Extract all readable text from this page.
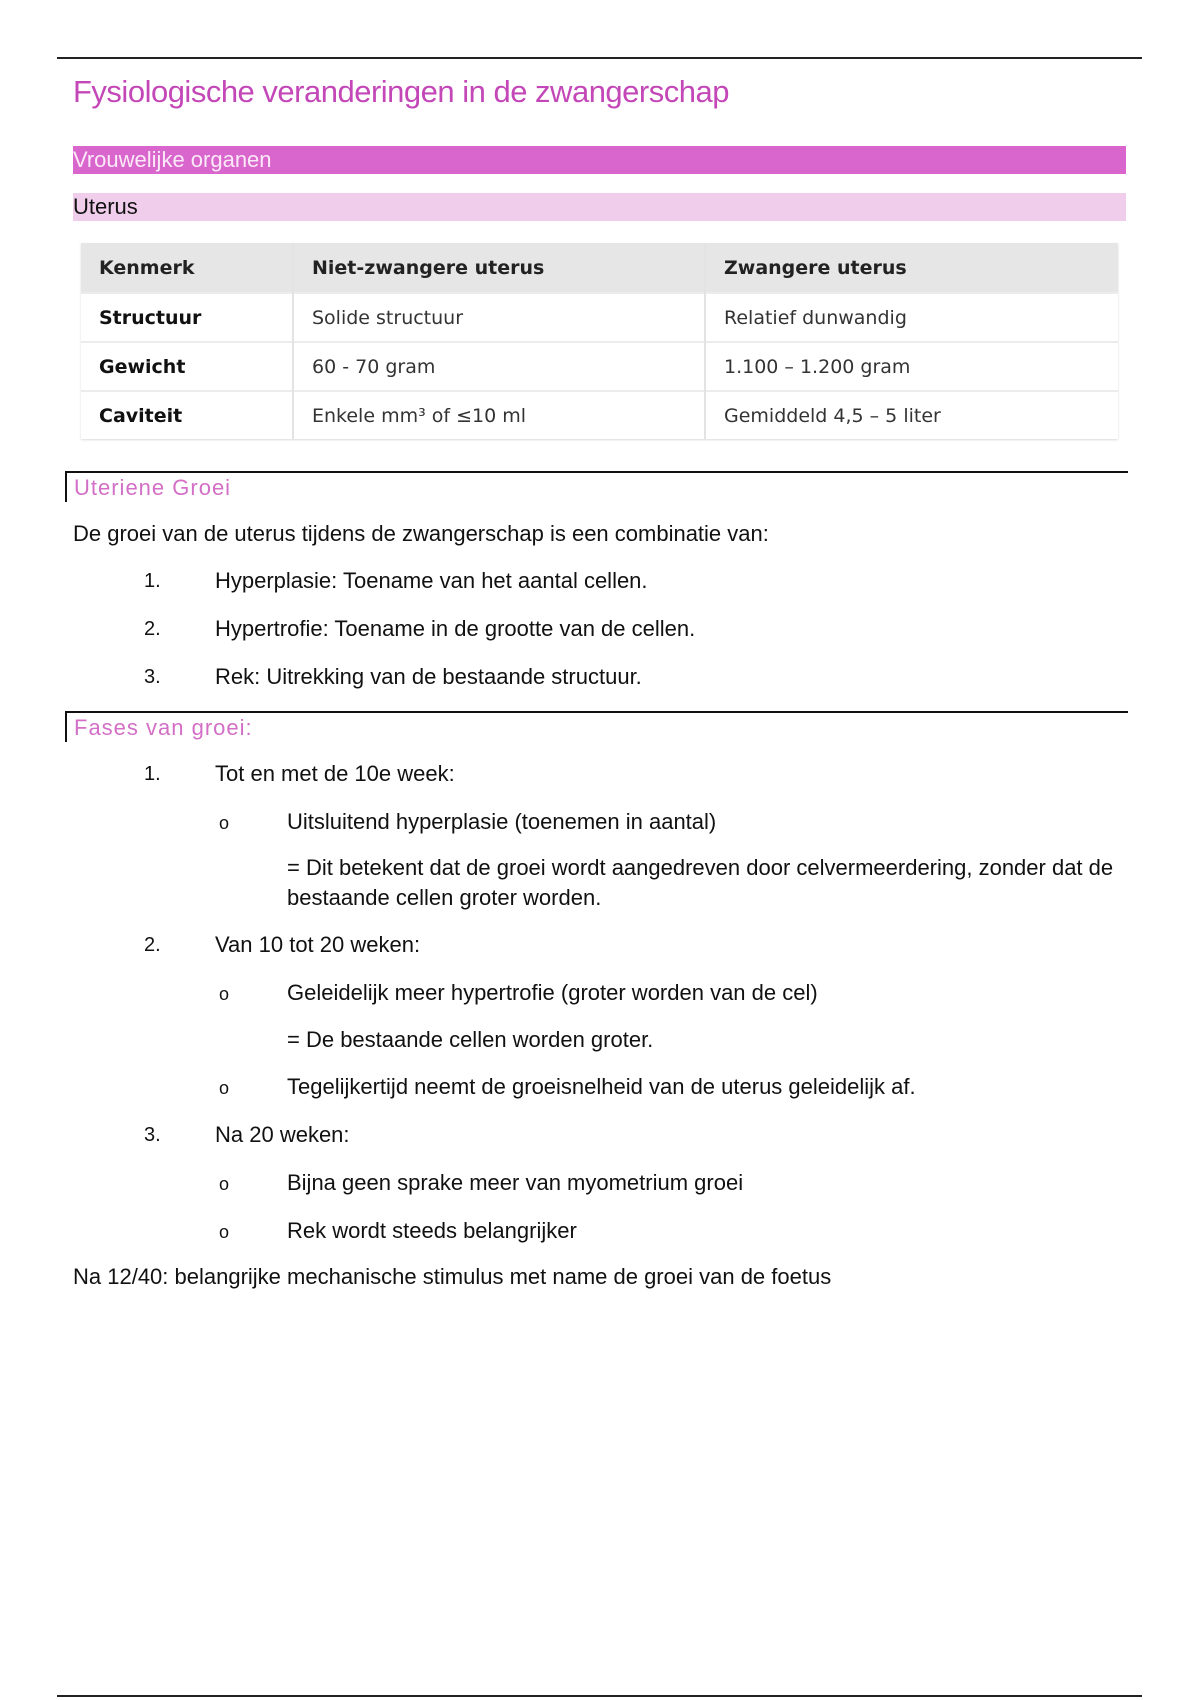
Fysiologische veranderingen in de zwangerschap
Vrouwelijke organen
Uterus
Kenmerk	Niet-zwangere uterus	Zwangere uterus
Structuur	Solide structuur	Relatief dunwandig
Gewicht	60 - 70 gram	1.100 – 1.200 gram
Caviteit	Enkele mm³ of ≤10 ml	Gemiddeld 4,5 – 5 liter
Uteriene Groei
De groei van de uterus tijdens de zwangerschap is een combinatie van:
1. Hyperplasie: Toename van het aantal cellen.
2. Hypertrofie: Toename in de grootte van de cellen.
3. Rek: Uitrekking van de bestaande structuur.
Fases van groei:
1. Tot en met de 10e week:
o	Uitsluitend hyperplasie (toenemen in aantal)
= Dit betekent dat de groei wordt aangedreven door celvermeerdering, zonder dat de bestaande cellen groter worden.
2. Van 10 tot 20 weken:
o	Geleidelijk meer hypertrofie (groter worden van de cel)
= De bestaande cellen worden groter.
o	Tegelijkertijd neemt de groeisnelheid van de uterus geleidelijk af.
3. Na 20 weken:
o	Bijna geen sprake meer van myometrium groei
o	Rek wordt steeds belangrijker
Na 12/40: belangrijke mechanische stimulus met name de groei van de foetus
